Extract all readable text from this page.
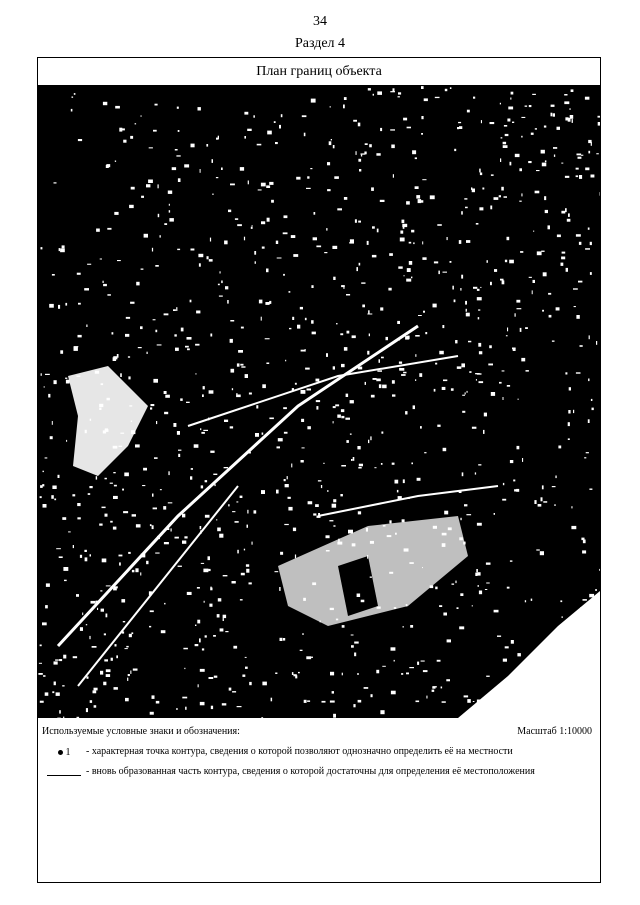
34
Раздел 4
План границ объекта
Используемые условные знаки и обозначения:	Масштаб 1:10000
1 - характерная точка контура, сведения о которой позволяют однозначно определить её на местности
- вновь образованная часть контура, сведения о которой достаточны для определения её местоположения
